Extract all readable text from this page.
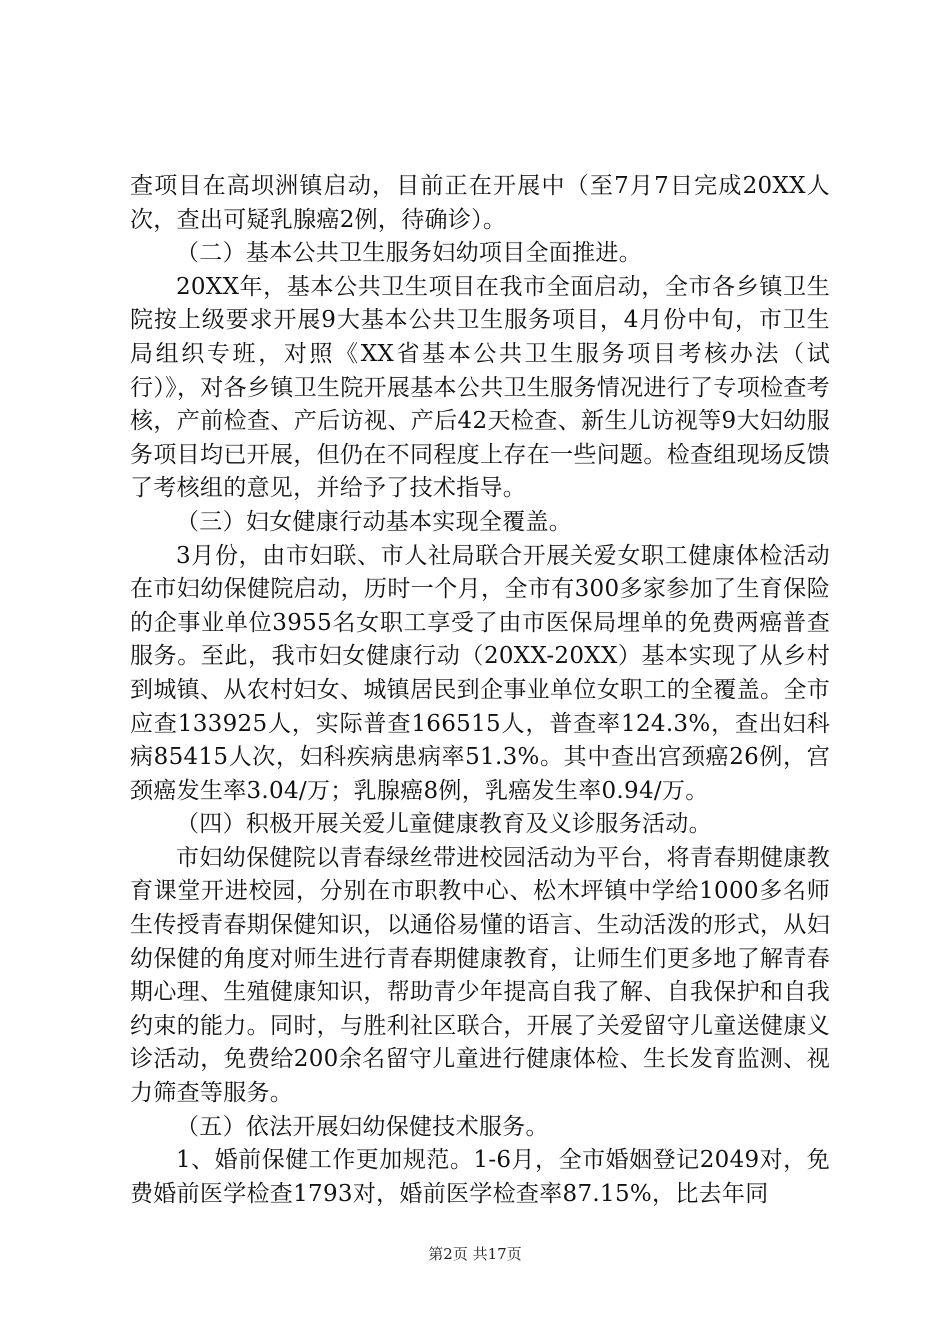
查项目在高坝洲镇启动，目前正在开展中（至7月7日完成20XX人次，查出可疑乳腺癌2例，待确诊）。

（二）基本公共卫生服务妇幼项目全面推进。

20XX年，基本公共卫生项目在我市全面启动，全市各乡镇卫生院按上级要求开展9大基本公共卫生服务项目，4月份中旬，市卫生局组织专班，对照《XX省基本公共卫生服务项目考核办法（试行）》，对各乡镇卫生院开展基本公共卫生服务情况进行了专项检查考核，产前检查、产后访视、产后42天检查、新生儿访视等9大妇幼服务项目均已开展，但仍在不同程度上存在一些问题。检查组现场反馈了考核组的意见，并给予了技术指导。

（三）妇女健康行动基本实现全覆盖。

3月份，由市妇联、市人社局联合开展关爱女职工健康体检活动在市妇幼保健院启动，历时一个月，全市有300多家参加了生育保险的企事业单位3955名女职工享受了由市医保局埋单的免费两癌普查服务。至此，我市妇女健康行动（20XX-20XX）基本实现了从乡村到城镇、从农村妇女、城镇居民到企事业单位女职工的全覆盖。全市应查133925人，实际普查166515人，普查率124.3%，查出妇科病85415人次，妇科疾病患病率51.3%。其中查出宫颈癌26例，宫颈癌发生率3.04/万；乳腺癌8例，乳癌发生率0.94/万。

（四）积极开展关爱儿童健康教育及义诊服务活动。

市妇幼保健院以青春绿丝带进校园活动为平台，将青春期健康教育课堂开进校园，分别在市职教中心、松木坪镇中学给1000多名师生传授青春期保健知识，以通俗易懂的语言、生动活泼的形式，从妇幼保健的角度对师生进行青春期健康教育，让师生们更多地了解青春期心理、生殖健康知识，帮助青少年提高自我了解、自我保护和自我约束的能力。同时，与胜利社区联合，开展了关爱留守儿童送健康义诊活动，免费给200余名留守儿童进行健康体检、生长发育监测、视力筛查等服务。

（五）依法开展妇幼保健技术服务。

1、婚前保健工作更加规范。1-6月，全市婚姻登记2049对，免费婚前医学检查1793对，婚前医学检查率87.15%，比去年同

第2页 共17页
